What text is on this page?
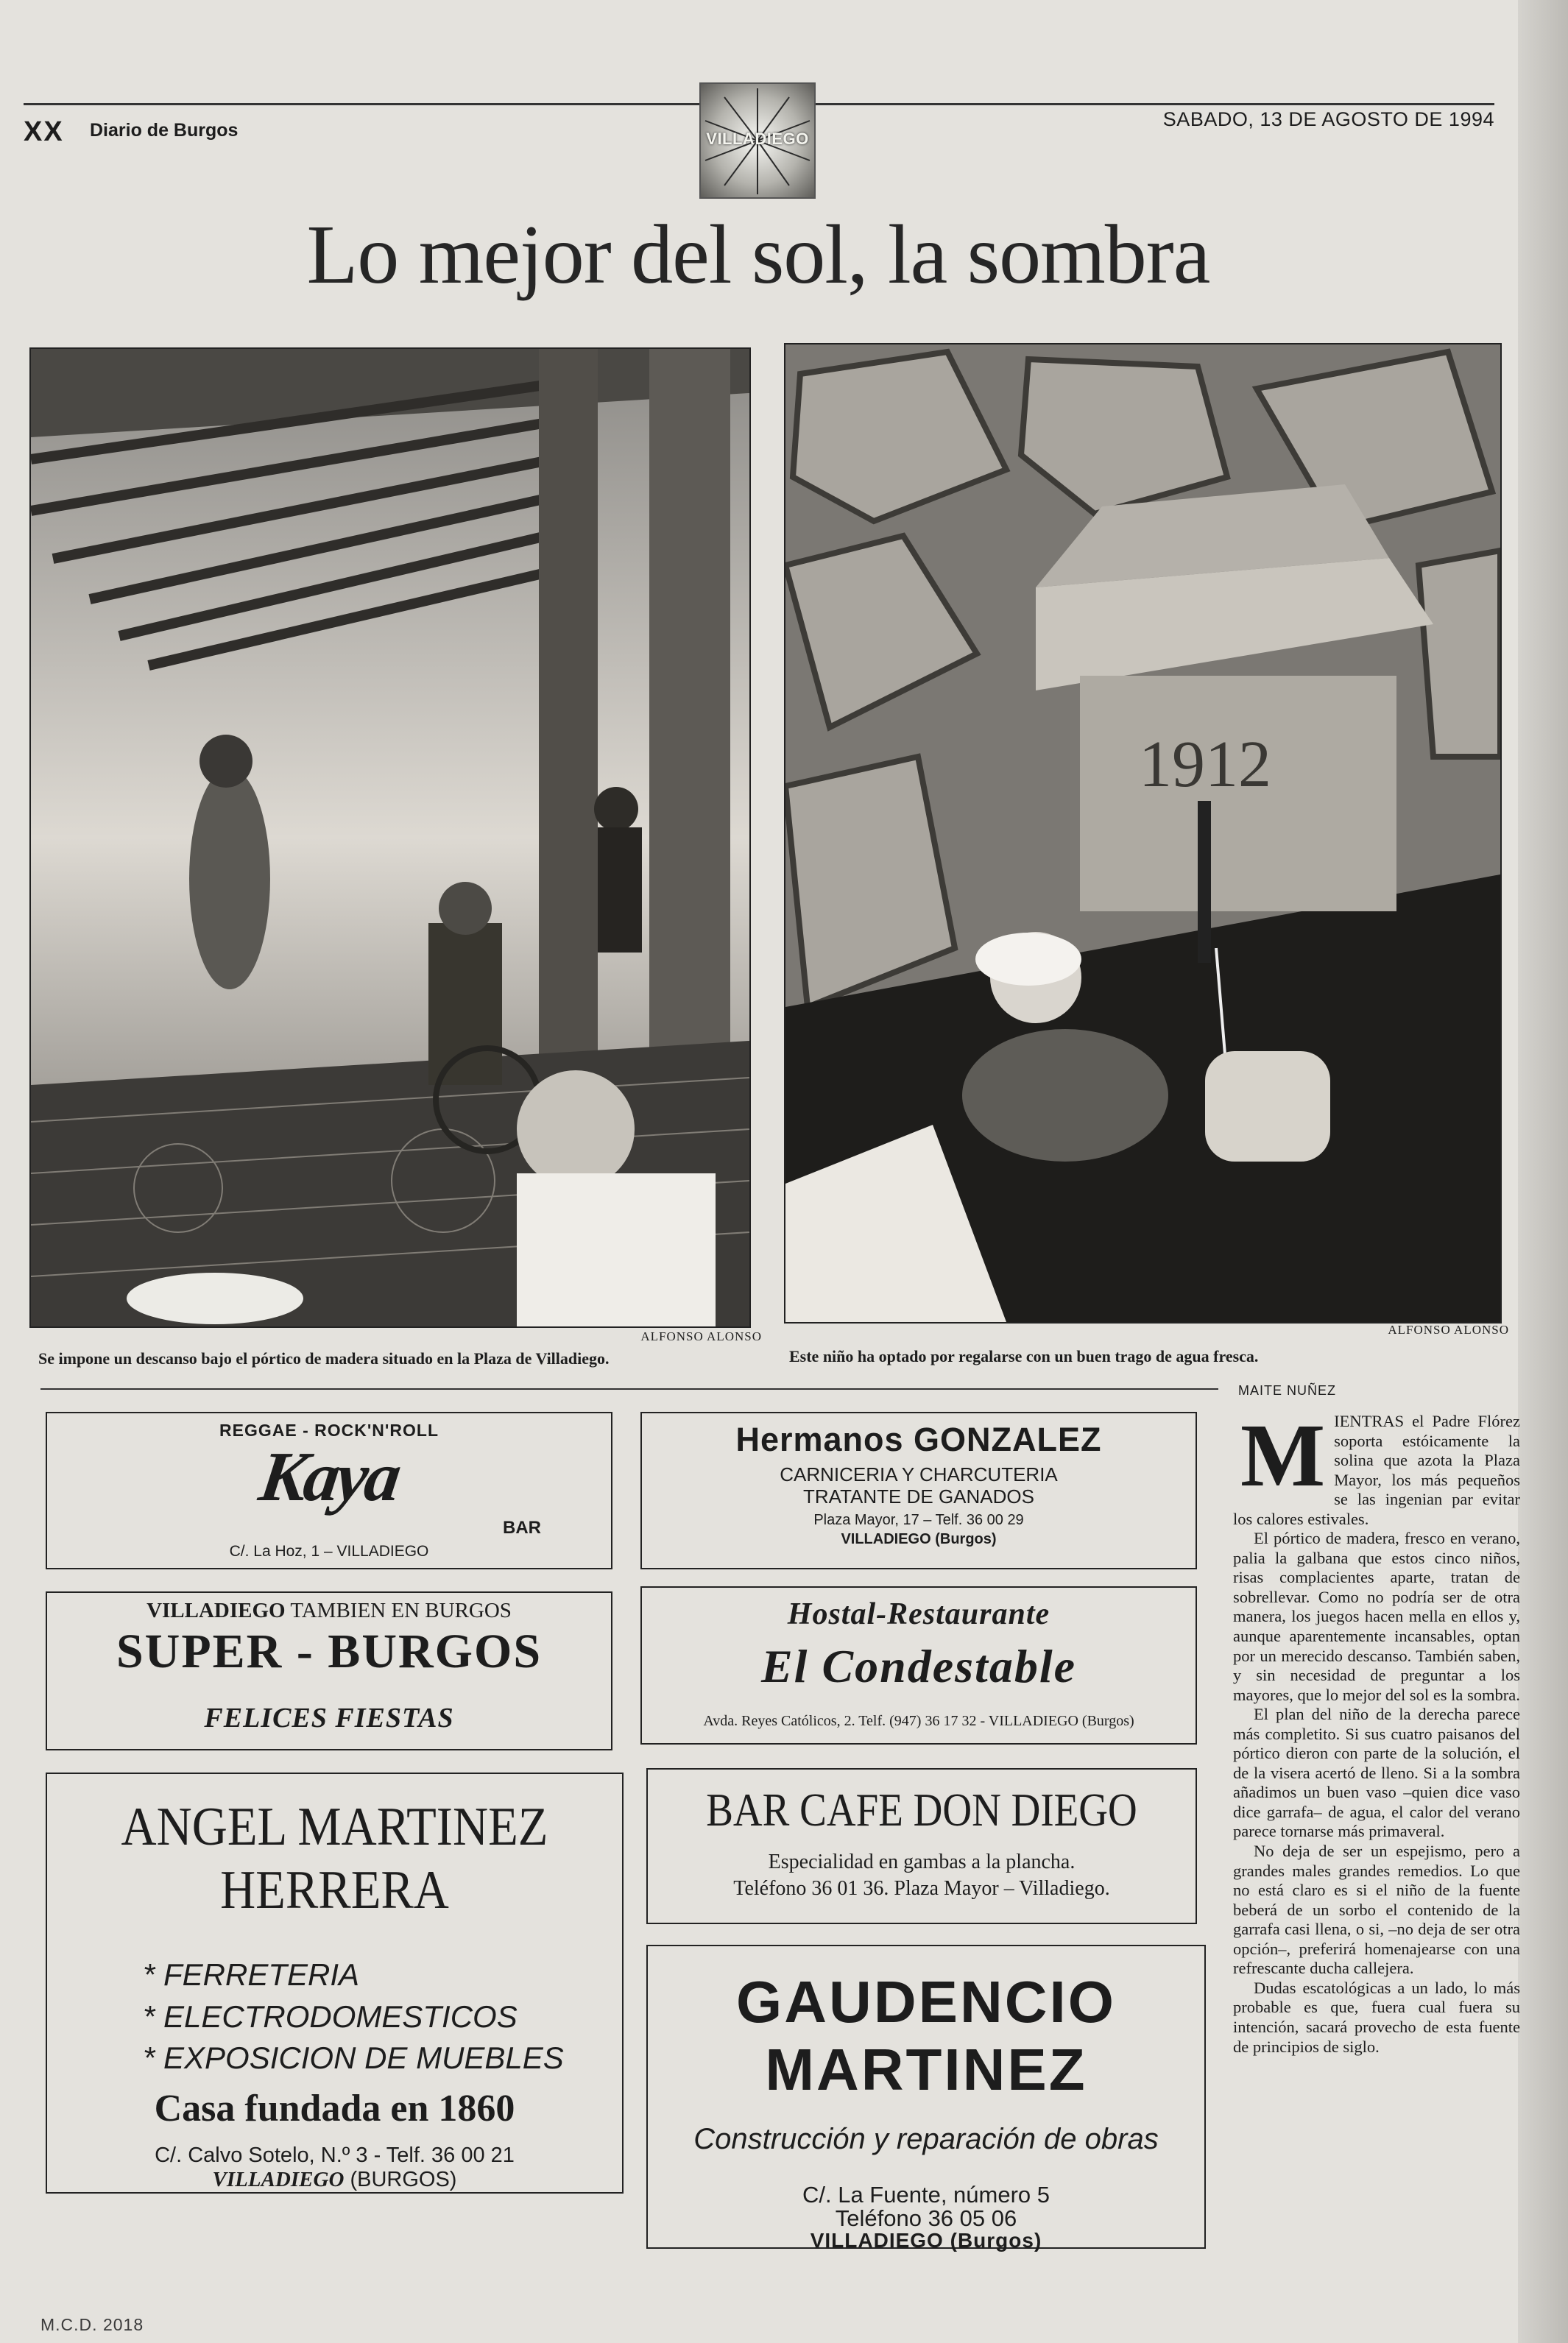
XX Diario de Burgos	SABADO, 13 DE AGOSTO DE 1994
VILLADIEGO
Lo mejor del sol, la sombra
ALFONSO ALONSO
Se impone un descanso bajo el pórtico de madera situado en la Plaza de Villadiego.
1912
ALFONSO ALONSO
Este niño ha optado por regalarse con un buen trago de agua fresca.
REGGAE - ROCK'N'ROLL
Kaya
BAR
C/. La Hoz, 1 – VILLADIEGO
Hermanos GONZALEZ
CARNICERIA Y CHARCUTERIA
TRATANTE DE GANADOS
Plaza Mayor, 17 – Telf. 36 00 29
VILLADIEGO (Burgos)
VILLADIEGO TAMBIEN EN BURGOS
SUPER - BURGOS
FELICES FIESTAS
Hostal-Restaurante
El Condestable
Avda. Reyes Católicos, 2. Telf. (947) 36 17 32 - VILLADIEGO (Burgos)
ANGEL MARTINEZ
HERRERA
* FERRETERIA
* ELECTRODOMESTICOS
* EXPOSICION DE MUEBLES
Casa fundada en 1860
C/. Calvo Sotelo, N.º 3 - Telf. 36 00 21
VILLADIEGO (BURGOS)
BAR CAFE DON DIEGO
Especialidad en gambas a la plancha.
Teléfono 36 01 36. Plaza Mayor – Villadiego.
GAUDENCIO
MARTINEZ
Construcción y reparación de obras
C/. La Fuente, número 5
Teléfono 36 05 06
VILLADIEGO (Burgos)
MAITE NUÑEZ
M IENTRAS el Padre Flórez soporta estóicamente la solina que azota la Plaza Mayor, los más pequeños se las ingenian par evitar los calores estivales.

El pórtico de madera, fresco en verano, palia la galbana que estos cinco niños, risas complacientes aparte, tratan de sobrellevar. Como no podría ser de otra manera, los juegos hacen mella en ellos y, aunque aparentemente incansables, optan por un merecido descanso. También saben, y sin necesidad de preguntar a los mayores, que lo mejor del sol es la sombra.

El plan del niño de la derecha parece más completito. Si sus cuatro paisanos del pórtico dieron con parte de la solución, el de la visera acertó de lleno. Si a la sombra añadimos un buen vaso –quien dice vaso dice garrafa– de agua, el calor del verano parece tornarse más primaveral.

No deja de ser un espejismo, pero a grandes males grandes remedios. Lo que no está claro es si el niño de la fuente beberá de un sorbo el contenido de la garrafa casi llena, o si, –no deja de ser otra opción–, preferirá homenajearse con una refrescante ducha callejera.

Dudas escatológicas a un lado, lo más probable es que, fuera cual fuera su intención, sacará provecho de esta fuente de principios de siglo.

M.C.D. 2018
